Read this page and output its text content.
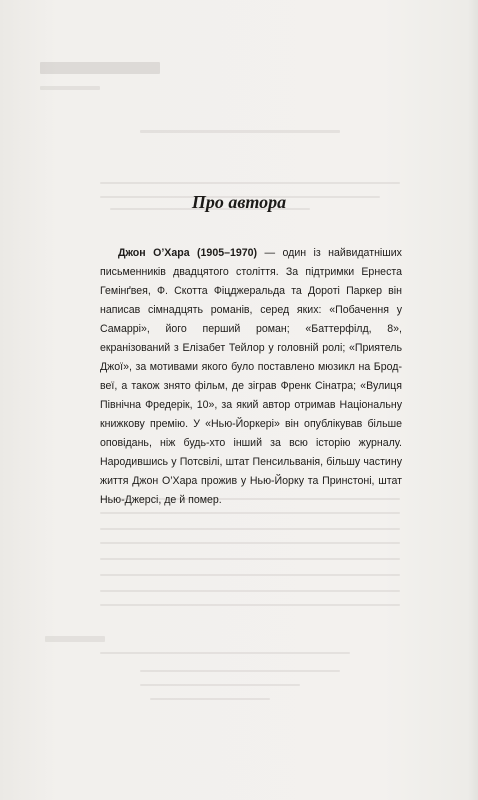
Про автора

Джон О’Хара (1905–1970) — один із найвидатніших письменників двадцятого століття. За підтримки Ернеста Гемінґвея, Ф. Скотта Фіцджеральда та Дороті Паркер він написав сімнадцять романів, серед яких: «Побачення у Самаррі», його перший роман; «Баттерфілд, 8», екранізований з Елізабет Тейлор у головній ролі; «Приятель Джої», за мотивами якого було поставлено мюзикл на Бродвеї, а також знято фільм, де зіграв Френк Сінатра; «Вулиця Північна Фредерік, 10», за який автор отримав Національну книжкову премію. У «Нью-Йоркері» він опублікував більше оповідань, ніж будь-хто інший за всю історію журналу. Народившись у Потсвілі, штат Пенсильванія, більшу частину життя Джон О’Хара прожив у Нью-Йорку та Принстоні, штат Нью-Джерсі, де й помер.
